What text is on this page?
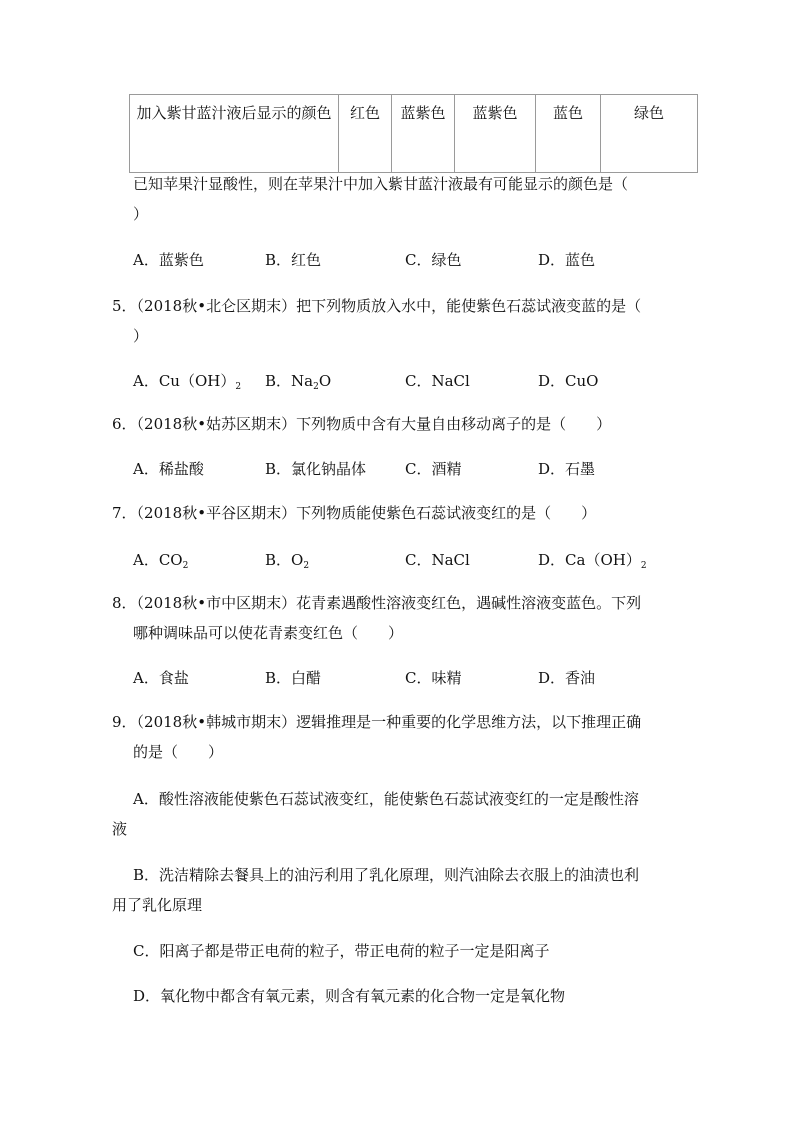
加入紫甘蓝汁液后显示的颜色	红色	蓝紫色	蓝紫色	蓝色	绿色
已知苹果汁显酸性，则在苹果汁中加入紫甘蓝汁液最有可能显示的颜色是（
）
A．蓝紫色	B．红色	C．绿色	D．蓝色
5．（2018秋•北仑区期末）把下列物质放入水中，能使紫色石蕊试液变蓝的是（
）
A．$Cu(OH)_2$ B．$Na_2O$	C．NaCl	D．CuO
6．（2018秋•姑苏区期末）下列物质中含有大量自由移动离子的是（　　）
A．稀盐酸	B．氯化钠晶体	C．酒精	D．石墨
7．（2018秋•平谷区期末）下列物质能使紫色石蕊试液变红的是（　　）
A．$CO_2$	B．$O_2$	C．NaCl	D．$Ca(OH)_2$
8．（2018秋•市中区期末）花青素遇酸性溶液变红色，遇碱性溶液变蓝色。下列
哪种调味品可以使花青素变红色（　　）
A．食盐	B．白醋	C．味精	D．香油
9．（2018秋•韩城市期末）逻辑推理是一种重要的化学思维方法，以下推理正确
的是（　　）
A．酸性溶液能使紫色石蕊试液变红，能使紫色石蕊试液变红的一定是酸性溶
液
B．洗洁精除去餐具上的油污利用了乳化原理，则汽油除去衣服上的油渍也利
用了乳化原理
C．阳离子都是带正电荷的粒子，带正电荷的粒子一定是阳离子
D．氧化物中都含有氧元素，则含有氧元素的化合物一定是氧化物
